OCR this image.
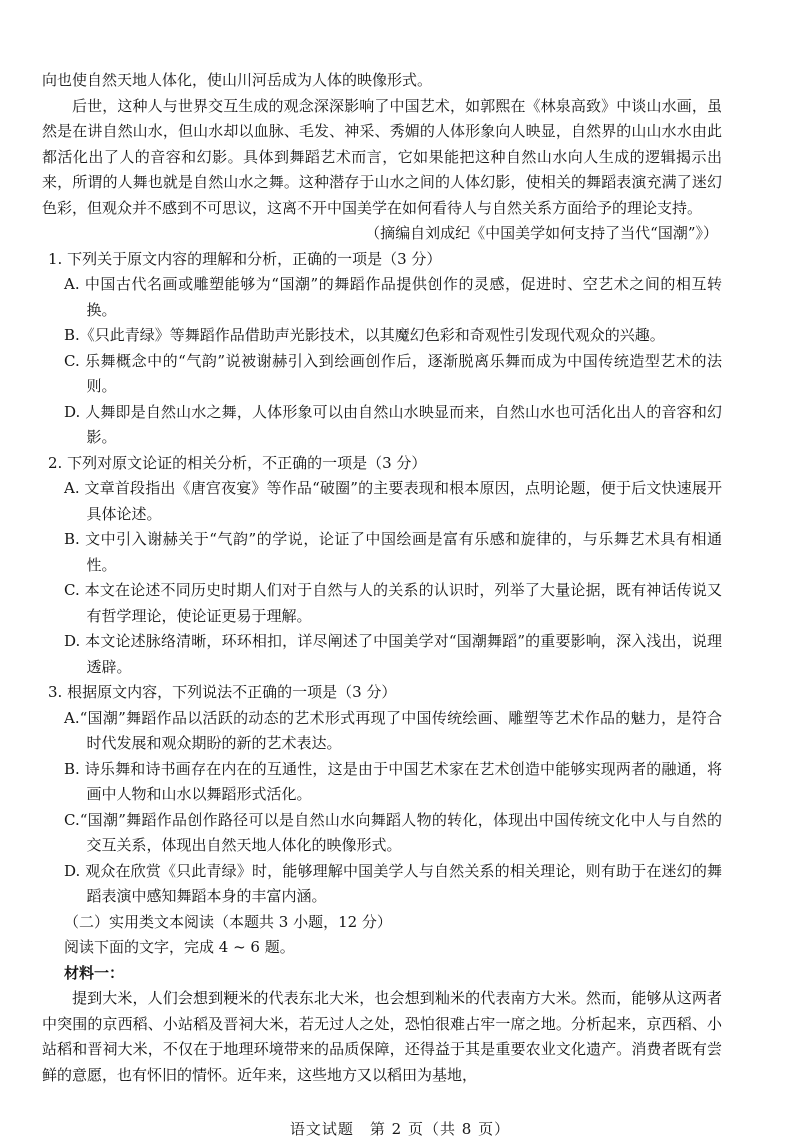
向也使自然天地人体化，使山川河岳成为人体的映像形式。

后世，这种人与世界交互生成的观念深深影响了中国艺术，如郭熙在《林泉高致》中谈山水画，虽然是在讲自然山水，但山水却以血脉、毛发、神采、秀媚的人体形象向人映显，自然界的山山水水由此都活化出了人的音容和幻影。具体到舞蹈艺术而言，它如果能把这种自然山水向人生成的逻辑揭示出来，所谓的人舞也就是自然山水之舞。这种潜存于山水之间的人体幻影，使相关的舞蹈表演充满了迷幻色彩，但观众并不感到不可思议，这离不开中国美学在如何看待人与自然关系方面给予的理论支持。

（摘编自刘成纪《中国美学如何支持了当代“国潮”》）

1. 下列关于原文内容的理解和分析，正确的一项是（3 分）

A. 中国古代名画或雕塑能够为“国潮”的舞蹈作品提供创作的灵感，促进时、空艺术之间的相互转换。

B.《只此青绿》等舞蹈作品借助声光影技术，以其魔幻色彩和奇观性引发现代观众的兴趣。

C. 乐舞概念中的“气韵”说被谢赫引入到绘画创作后，逐渐脱离乐舞而成为中国传统造型艺术的法则。

D. 人舞即是自然山水之舞，人体形象可以由自然山水映显而来，自然山水也可活化出人的音容和幻影。

2. 下列对原文论证的相关分析，不正确的一项是（3 分）

A. 文章首段指出《唐宫夜宴》等作品“破圈”的主要表现和根本原因，点明论题，便于后文快速展开具体论述。

B. 文中引入谢赫关于“气韵”的学说，论证了中国绘画是富有乐感和旋律的，与乐舞艺术具有相通性。

C. 本文在论述不同历史时期人们对于自然与人的关系的认识时，列举了大量论据，既有神话传说又有哲学理论，使论证更易于理解。

D. 本文论述脉络清晰，环环相扣，详尽阐述了中国美学对“国潮舞蹈”的重要影响，深入浅出，说理透辟。

3. 根据原文内容，下列说法不正确的一项是（3 分）

A.“国潮”舞蹈作品以活跃的动态的艺术形式再现了中国传统绘画、雕塑等艺术作品的魅力，是符合时代发展和观众期盼的新的艺术表达。

B. 诗乐舞和诗书画存在内在的互通性，这是由于中国艺术家在艺术创造中能够实现两者的融通，将画中人物和山水以舞蹈形式活化。

C.“国潮”舞蹈作品创作路径可以是自然山水向舞蹈人物的转化，体现出中国传统文化中人与自然的交互关系，体现出自然天地人体化的映像形式。

D. 观众在欣赏《只此青绿》时，能够理解中国美学人与自然关系的相关理论，则有助于在迷幻的舞蹈表演中感知舞蹈本身的丰富内涵。

（二）实用类文本阅读（本题共 3 小题，12 分）

阅读下面的文字，完成 4 ~ 6 题。

材料一：

提到大米，人们会想到粳米的代表东北大米，也会想到籼米的代表南方大米。然而，能够从这两者中突围的京西稻、小站稻及晋祠大米，若无过人之处，恐怕很难占牢一席之地。分析起来，京西稻、小站稻和晋祠大米，不仅在于地理环境带来的品质保障，还得益于其是重要农业文化遗产。消费者既有尝鲜的意愿，也有怀旧的情怀。近年来，这些地方又以稻田为基地，

语文试题　第 2 页（共 8 页）
